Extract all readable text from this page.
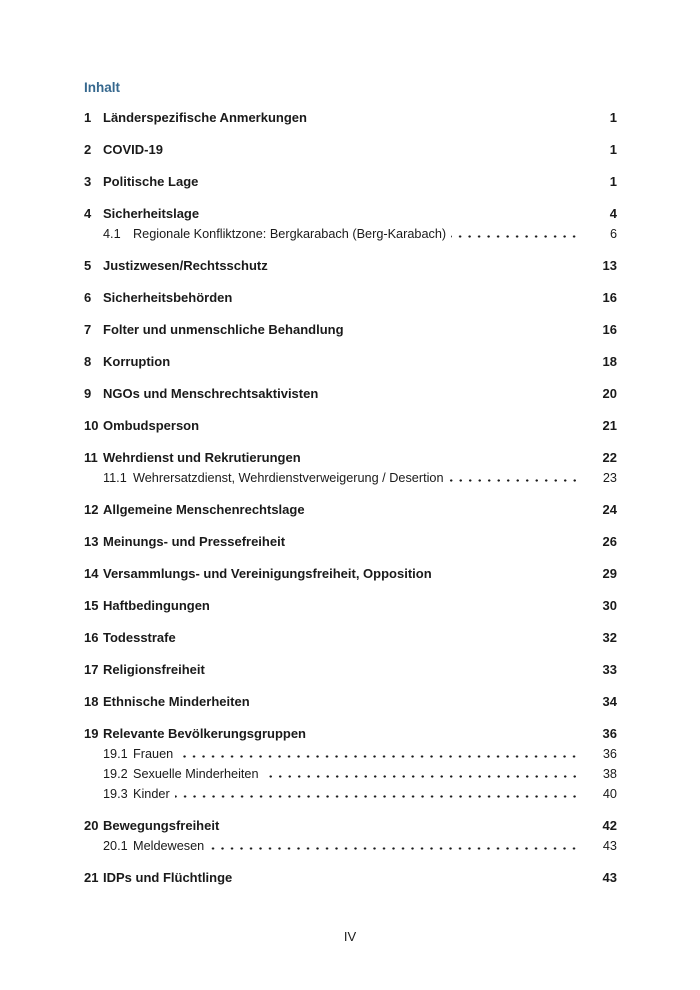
Inhalt
1 Länderspezifische Anmerkungen	1
2 COVID-19	1
3 Politische Lage	1
4 Sicherheitslage	4
4.1 Regionale Konfliktzone: Bergkarabach (Berg-Karabach)	6
5 Justizwesen/Rechtsschutz	13
6 Sicherheitsbehörden	16
7 Folter und unmenschliche Behandlung	16
8 Korruption	18
9 NGOs und Menschrechtsaktivisten	20
10 Ombudsperson	21
11 Wehrdienst und Rekrutierungen	22
11.1 Wehrersatzdienst, Wehrdienstverweigerung / Desertion	23
12 Allgemeine Menschenrechtslage	24
13 Meinungs- und Pressefreiheit	26
14 Versammlungs- und Vereinigungsfreiheit, Opposition	29
15 Haftbedingungen	30
16 Todesstrafe	32
17 Religionsfreiheit	33
18 Ethnische Minderheiten	34
19 Relevante Bevölkerungsgruppen	36
19.1 Frauen	36
19.2 Sexuelle Minderheiten	38
19.3 Kinder	40
20 Bewegungsfreiheit	42
20.1 Meldewesen	43
21 IDPs und Flüchtlinge	43
IV
